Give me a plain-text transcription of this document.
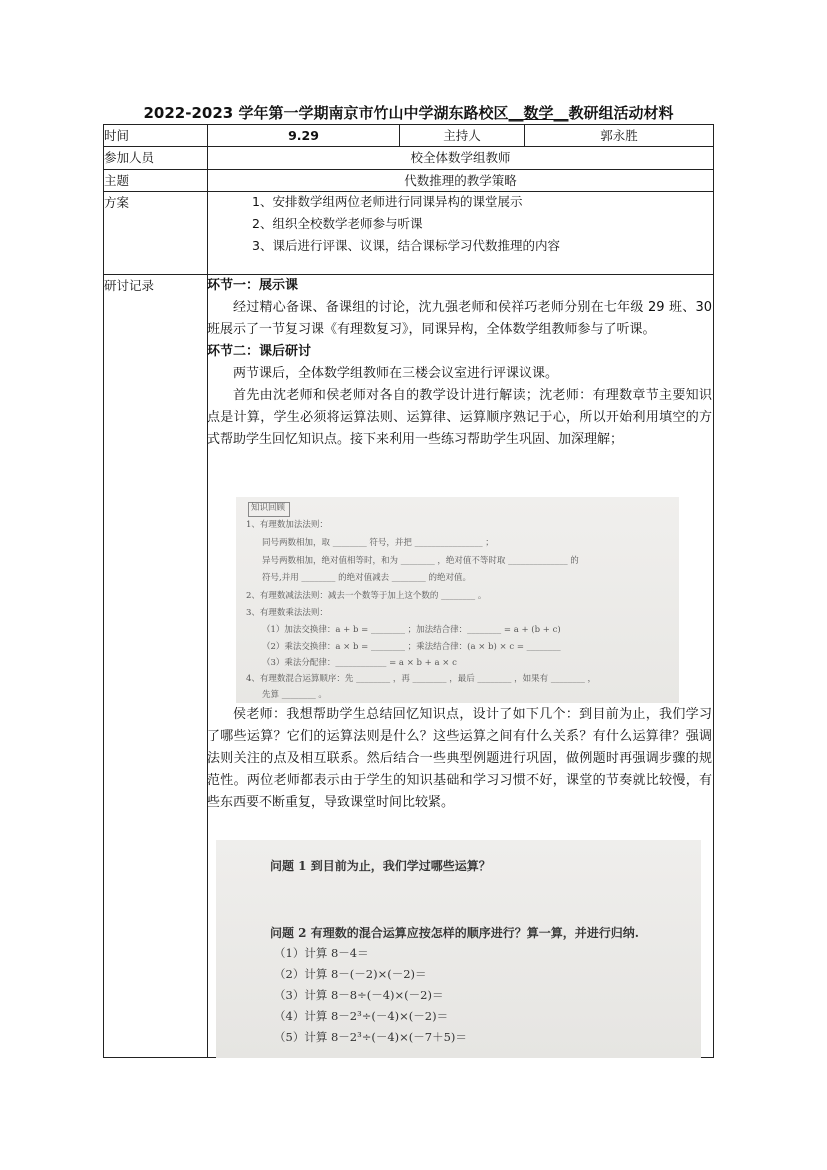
2022-2023 学年第一学期南京市竹山中学湖东路校区__数学__教研组活动材料
时间	9.29	主持人	郭永胜
参加人员	校全体数学组教师
主题	代数推理的教学策略
方案	1、安排数学组两位老师进行同课异构的课堂展示

2、组织全校数学老师参与听课

3、课后进行评课、议课，结合课标学习代数推理的内容

研讨记录	环节一：展示课

经过精心备课、备课组的讨论，沈九强老师和侯祥巧老师分别在七年级 29 班、30 班展示了一节复习课《有理数复习》，同课异构，全体数学组教师参与了听课。

环节二：课后研讨

两节课后，全体数学组教师在三楼会议室进行评课议课。

首先由沈老师和侯老师对各自的教学设计进行解读；沈老师：有理数章节主要知识点是计算，学生必须将运算法则、运算律、运算顺序熟记于心，所以开始利用填空的方式帮助学生回忆知识点。接下来利用一些练习帮助学生巩固、加深理解；

知识回顾
1、有理数加法法则：
同号两数相加，取 ________ 符号，并把 ________________ ；
异号两数相加，绝对值相等时，和为 ________ ，绝对值不等时取 ______________ 的
符号,并用 ________ 的绝对值减去 ________ 的绝对值。
2、有理数减法法则：减去一个数等于加上这个数的 ________ 。
3、有理数乘法法则：
（1）加法交换律：a + b = ________ ；加法结合律：________ = a + (b + c)
（2）乘法交换律：a × b = ________ ；乘法结合律：(a × b) × c = ________
（3）乘法分配律：____________ = a × b + a × c
4、有理数混合运算顺序：先 ________ ，再 ________ ，最后 ________ ，如果有 ________ ，
先算 ________ 。

侯老师：我想帮助学生总结回忆知识点，设计了如下几个：到目前为止，我们学习了哪些运算？它们的运算法则是什么？这些运算之间有什么关系？有什么运算律？强调法则关注的点及相互联系。然后结合一些典型例题进行巩固，做例题时再强调步骤的规范性。两位老师都表示由于学生的知识基础和学习习惯不好，课堂的节奏就比较慢，有些东西要不断重复，导致课堂时间比较紧。

问题 1 到目前为止，我们学过哪些运算？
问题 2 有理数的混合运算应按怎样的顺序进行？算一算，并进行归纳.
（1）计算 8－4＝
（2）计算 8－(－2)×(－2)＝
（3）计算 8－8÷(－4)×(－2)＝
（4）计算 8－2³÷(－4)×(－2)＝
（5）计算 8－2³÷(－4)×(－7＋5)＝
